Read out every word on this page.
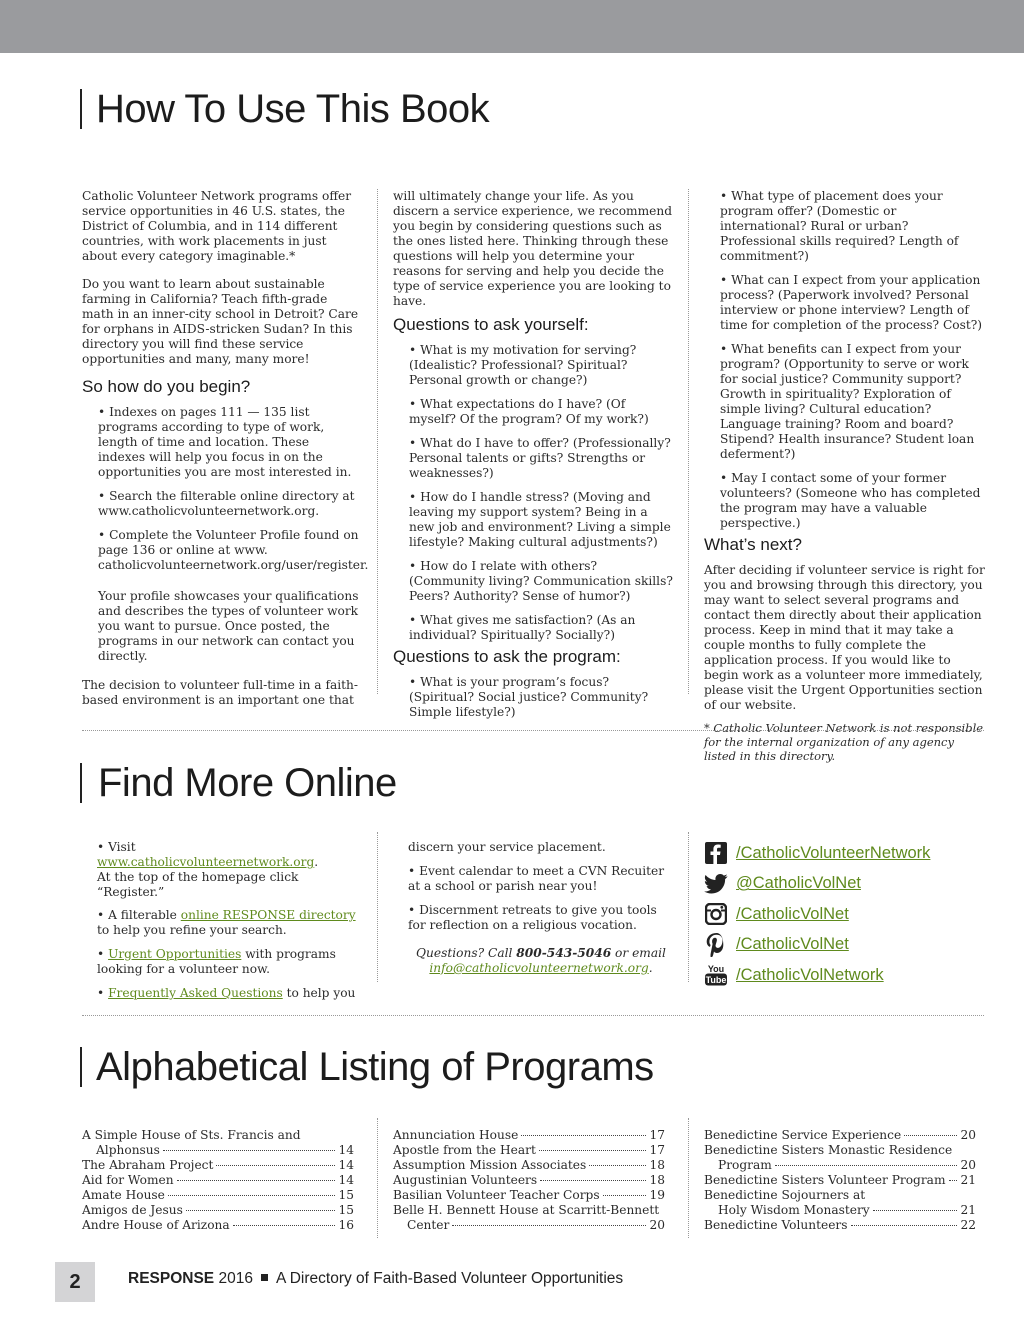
How To Use This Book

Catholic Volunteer Network programs offer service opportunities in 46 U.S. states, the District of Columbia, and in 114 different countries, with work placements in just about every category imaginable.*

Do you want to learn about sustainable farming in California? Teach fifth-grade math in an inner-city school in Detroit? Care for orphans in AIDS-stricken Sudan? In this directory you will find these service opportunities and many, many more!

So how do you begin?

• Indexes on pages 111 — 135 list programs according to type of work, length of time and location. These indexes will help you focus in on the opportunities you are most interested in.

• Search the filterable online directory at www.catholicvolunteernetwork.org.

• Complete the Volunteer Profile found on page 136 or online at www. catholicvolunteernetwork.org/user/register.

Your profile showcases your qualifications and describes the types of volunteer work you want to pursue. Once posted, the programs in our network can contact you directly.

The decision to volunteer full-time in a faith-based environment is an important one that

will ultimately change your life. As you discern a service experience, we recommend you begin by considering questions such as the ones listed here. Thinking through these questions will help you determine your reasons for serving and help you decide the type of service experience you are looking to have.

Questions to ask yourself:

• What is my motivation for serving? (Idealistic? Professional? Spiritual? Personal growth or change?)

• What expectations do I have? (Of myself? Of the program? Of my work?)

• What do I have to offer? (Professionally? Personal talents or gifts? Strengths or weaknesses?)

• How do I handle stress? (Moving and leaving my support system? Being in a new job and environment? Living a simple lifestyle? Making cultural adjustments?)

• How do I relate with others? (Community living? Communication skills? Peers? Authority? Sense of humor?)

• What gives me satisfaction? (As an individual? Spiritually? Socially?)

Questions to ask the program:

• What is your program’s focus? (Spiritual? Social justice? Community? Simple lifestyle?)

• What type of placement does your program offer? (Domestic or international? Rural or urban? Professional skills required? Length of commitment?)

• What can I expect from your application process? (Paperwork involved? Personal interview or phone interview? Length of time for completion of the process? Cost?)

• What benefits can I expect from your program? (Opportunity to serve or work for social justice? Community support? Growth in spirituality? Exploration of simple living? Cultural education? Language training? Room and board? Stipend? Health insurance? Student loan deferment?)

• May I contact some of your former volunteers? (Someone who has completed the program may have a valuable perspective.)

What’s next?

After deciding if volunteer service is right for you and browsing through this directory, you may want to select several programs and contact them directly about their application process. Keep in mind that it may take a couple months to fully complete the application process. If you would like to begin work as a volunteer more immediately, please visit the Urgent Opportunities section of our website.

* Catholic Volunteer Network is not responsible for the internal organization of any agency listed in this directory.

Find More Online

• Visit www.catholicvolunteernetwork.org.
At the top of the homepage click “Register.”

• A filterable online RESPONSE directory to help you refine your search.

• Urgent Opportunities with programs looking for a volunteer now.

• Frequently Asked Questions to help you

discern your service placement.

• Event calendar to meet a CVN Recuiter at a school or parish near you!

• Discernment retreats to give you tools for reflection on a religious vocation.

Questions? Call 800-543-5046 or email
info@catholicvolunteernetwork.org.

/CatholicVolunteerNetwork
@CatholicVolNet
/CatholicVolNet
/CatholicVolNet
You
Tube /CatholicVolNetwork
Alphabetical Listing of Programs
A Simple House of Sts. Francis and
Alphonsus	14
The Abraham Project	14
Aid for Women	14
Amate House	15
Amigos de Jesus	15
Andre House of Arizona	16
Annunciation House	17
Apostle from the Heart	17
Assumption Mission Associates	18
Augustinian Volunteers	18
Basilian Volunteer Teacher Corps	19
Belle H. Bennett House at Scarritt-Bennett
Center	20
Benedictine Service Experience	20
Benedictine Sisters Monastic Residence
Program	20
Benedictine Sisters Volunteer Program 21
Benedictine Sojourners at
Holy Wisdom Monastery	21
Benedictine Volunteers	22
2	RESPONSE 2016 A Directory of Faith-Based Volunteer Opportunities
